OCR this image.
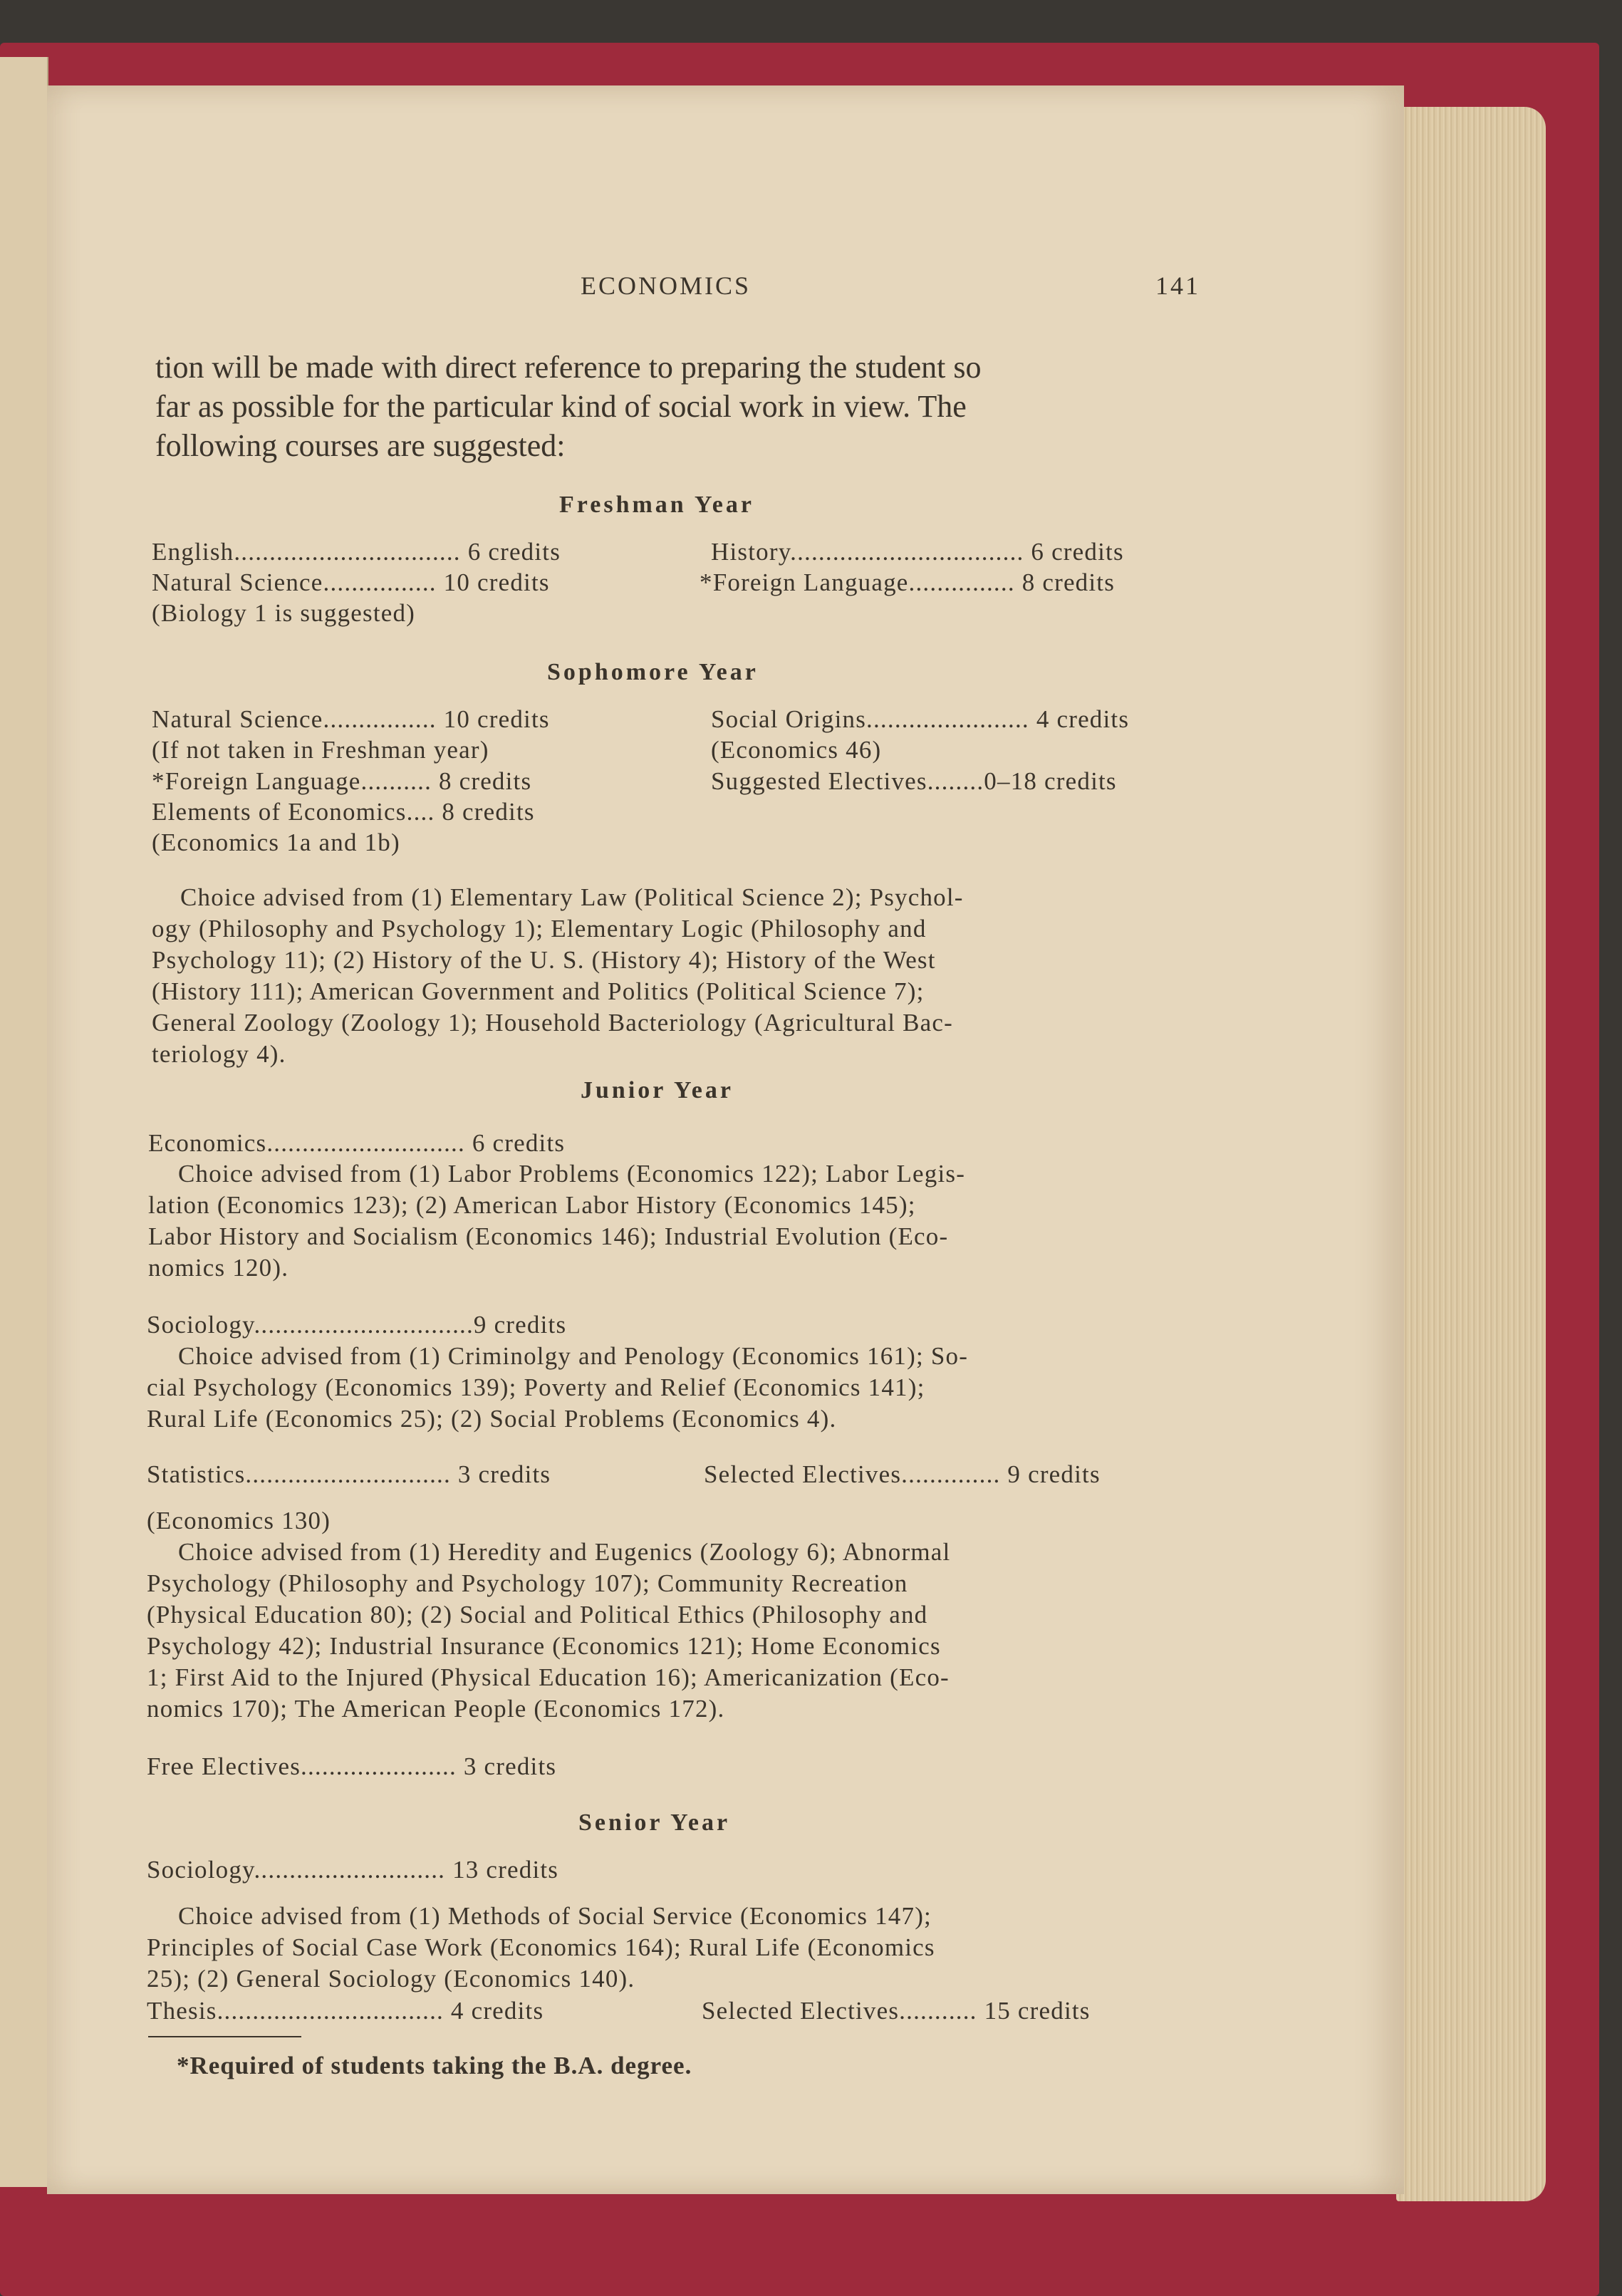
ECONOMICS	141
tion will be made with direct reference to preparing the student so
far as possible for the particular kind of social work in view. The
following courses are suggested:
Freshman Year
English................................ 6 credits	History................................. 6 credits
Natural Science................ 10 credits	*Foreign Language............... 8 credits
(Biology 1 is suggested)
Sophomore Year
Natural Science................ 10 credits	Social Origins....................... 4 credits
(If not taken in Freshman year)	(Economics 46)
*Foreign Language.......... 8 credits	Suggested Electives........0–18 credits
Elements of Economics.... 8 credits
(Economics 1a and 1b)
Choice advised from (1) Elementary Law (Political Science 2); Psychol-
ogy (Philosophy and Psychology 1); Elementary Logic (Philosophy and
Psychology 11); (2) History of the U. S. (History 4); History of the West
(History 111); American Government and Politics (Political Science 7);
General Zoology (Zoology 1); Household Bacteriology (Agricultural Bac-
teriology 4).
Junior Year
Economics............................ 6 credits
Choice advised from (1) Labor Problems (Economics 122); Labor Legis-
lation (Economics 123); (2) American Labor History (Economics 145);
Labor History and Socialism (Economics 146); Industrial Evolution (Eco-
nomics 120).
Sociology...............................9 credits
Choice advised from (1) Criminolgy and Penology (Economics 161); So-
cial Psychology (Economics 139); Poverty and Relief (Economics 141);
Rural Life (Economics 25); (2) Social Problems (Economics 4).
Statistics............................. 3 credits	Selected Electives.............. 9 credits
(Economics 130)
Choice advised from (1) Heredity and Eugenics (Zoology 6); Abnormal
Psychology (Philosophy and Psychology 107); Community Recreation
(Physical Education 80); (2) Social and Political Ethics (Philosophy and
Psychology 42); Industrial Insurance (Economics 121); Home Economics
1; First Aid to the Injured (Physical Education 16); Americanization (Eco-
nomics 170); The American People (Economics 172).
Free Electives...................... 3 credits
Senior Year
Sociology........................... 13 credits
Choice advised from (1) Methods of Social Service (Economics 147);
Principles of Social Case Work (Economics 164); Rural Life (Economics
25); (2) General Sociology (Economics 140).
Thesis................................ 4 credits	Selected Electives........... 15 credits
*Required of students taking the B.A. degree.
